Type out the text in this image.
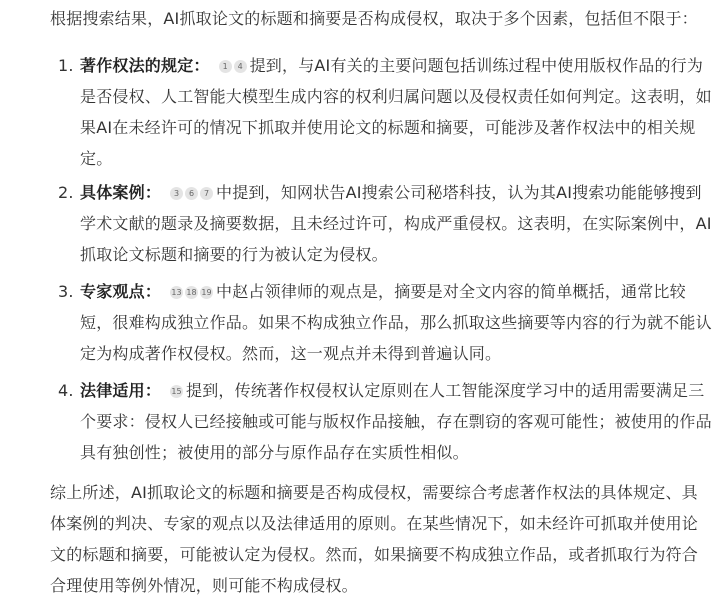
根据搜索结果，AI抓取论文的标题和摘要是否构成侵权，取决于多个因素，包括但不限于：

1. 著作权法的规定： 1 4 提到，与AI有关的主要问题包括训练过程中使用版权作品的行为是否侵权、人工智能大模型生成内容的权利归属问题以及侵权责任如何判定。这表明，如果AI在未经许可的情况下抓取并使用论文的标题和摘要，可能涉及著作权法中的相关规定。
2. 具体案例： 3 6 7 中提到，知网状告AI搜索公司秘塔科技，认为其AI搜索功能能够搜到学术文献的题录及摘要数据，且未经过许可，构成严重侵权。这表明，在实际案例中，AI抓取论文标题和摘要的行为被认定为侵权。
3. 专家观点： 13 18 19 中赵占领律师的观点是，摘要是对全文内容的简单概括，通常比较短，很难构成独立作品。如果不构成独立作品，那么抓取这些摘要等内容的行为就不能认定为构成著作权侵权。然而，这一观点并未得到普遍认同。
4. 法律适用： 15 提到，传统著作权侵权认定原则在人工智能深度学习中的适用需要满足三个要求：侵权人已经接触或可能与版权作品接触，存在剽窃的客观可能性；被使用的作品具有独创性；被使用的部分与原作品存在实质性相似。

综上所述，AI抓取论文的标题和摘要是否构成侵权，需要综合考虑著作权法的具体规定、具体案例的判决、专家的观点以及法律适用的原则。在某些情况下，如未经许可抓取并使用论文的标题和摘要，可能被认定为侵权。然而，如果摘要不构成独立作品，或者抓取行为符合合理使用等例外情况，则可能不构成侵权。
